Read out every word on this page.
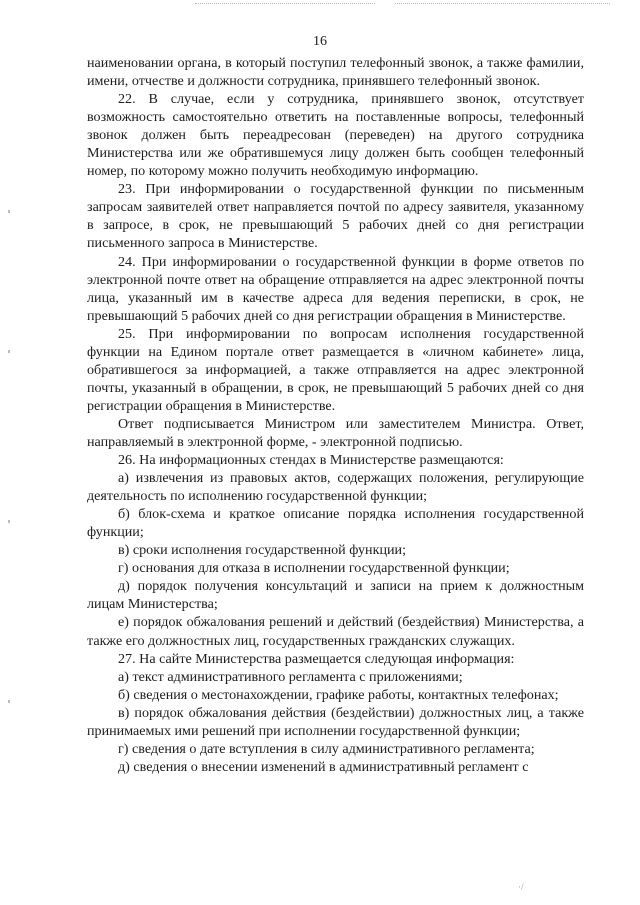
16

наименовании органа, в который поступил телефонный звонок, а также фамилии, имени, отчестве и должности сотрудника, принявшего телефонный звонок.

22. В случае, если у сотрудника, принявшего звонок, отсутствует возможность самостоятельно ответить на поставленные вопросы, телефонный звонок должен быть переадресован (переведен) на другого сотрудника Министерства или же обратившемуся лицу должен быть сообщен телефонный номер, по которому можно получить необходимую информацию.

23. При информировании о государственной функции по письменным запросам заявителей ответ направляется почтой по адресу заявителя, указанному в запросе, в срок, не превышающий 5 рабочих дней со дня регистрации письменного запроса в Министерстве.

24. При информировании о государственной функции в форме ответов по электронной почте ответ на обращение отправляется на адрес электронной почты лица, указанный им в качестве адреса для ведения переписки, в срок, не превышающий 5 рабочих дней со дня регистрации обращения в Министерстве.

25. При информировании по вопросам исполнения государственной функции на Едином портале ответ размещается в «личном кабинете» лица, обратившегося за информацией, а также отправляется на адрес электронной почты, указанный в обращении, в срок, не превышающий 5 рабочих дней со дня регистрации обращения в Министерстве.

Ответ подписывается Министром или заместителем Министра. Ответ, направляемый в электронной форме, - электронной подписью.

26. На информационных стендах в Министерстве размещаются:

а) извлечения из правовых актов, содержащих положения, регулирующие деятельность по исполнению государственной функции;

б) блок-схема и краткое описание порядка исполнения государственной функции;

в) сроки исполнения государственной функции;

г) основания для отказа в исполнении государственной функции;

д) порядок получения консультаций и записи на прием к должностным лицам Министерства;

е) порядок обжалования решений и действий (бездействия) Министерства, а также его должностных лиц, государственных гражданских служащих.

27. На сайте Министерства размещается следующая информация:

а) текст административного регламента с приложениями;

б) сведения о местонахождении, графике работы, контактных телефонах;

в) порядок обжалования действия (бездействии) должностных лиц, а также принимаемых ими решений при исполнении государственной функции;

г) сведения о дате вступления в силу административного регламента;

д) сведения о внесении изменений в административный регламент с

·/
